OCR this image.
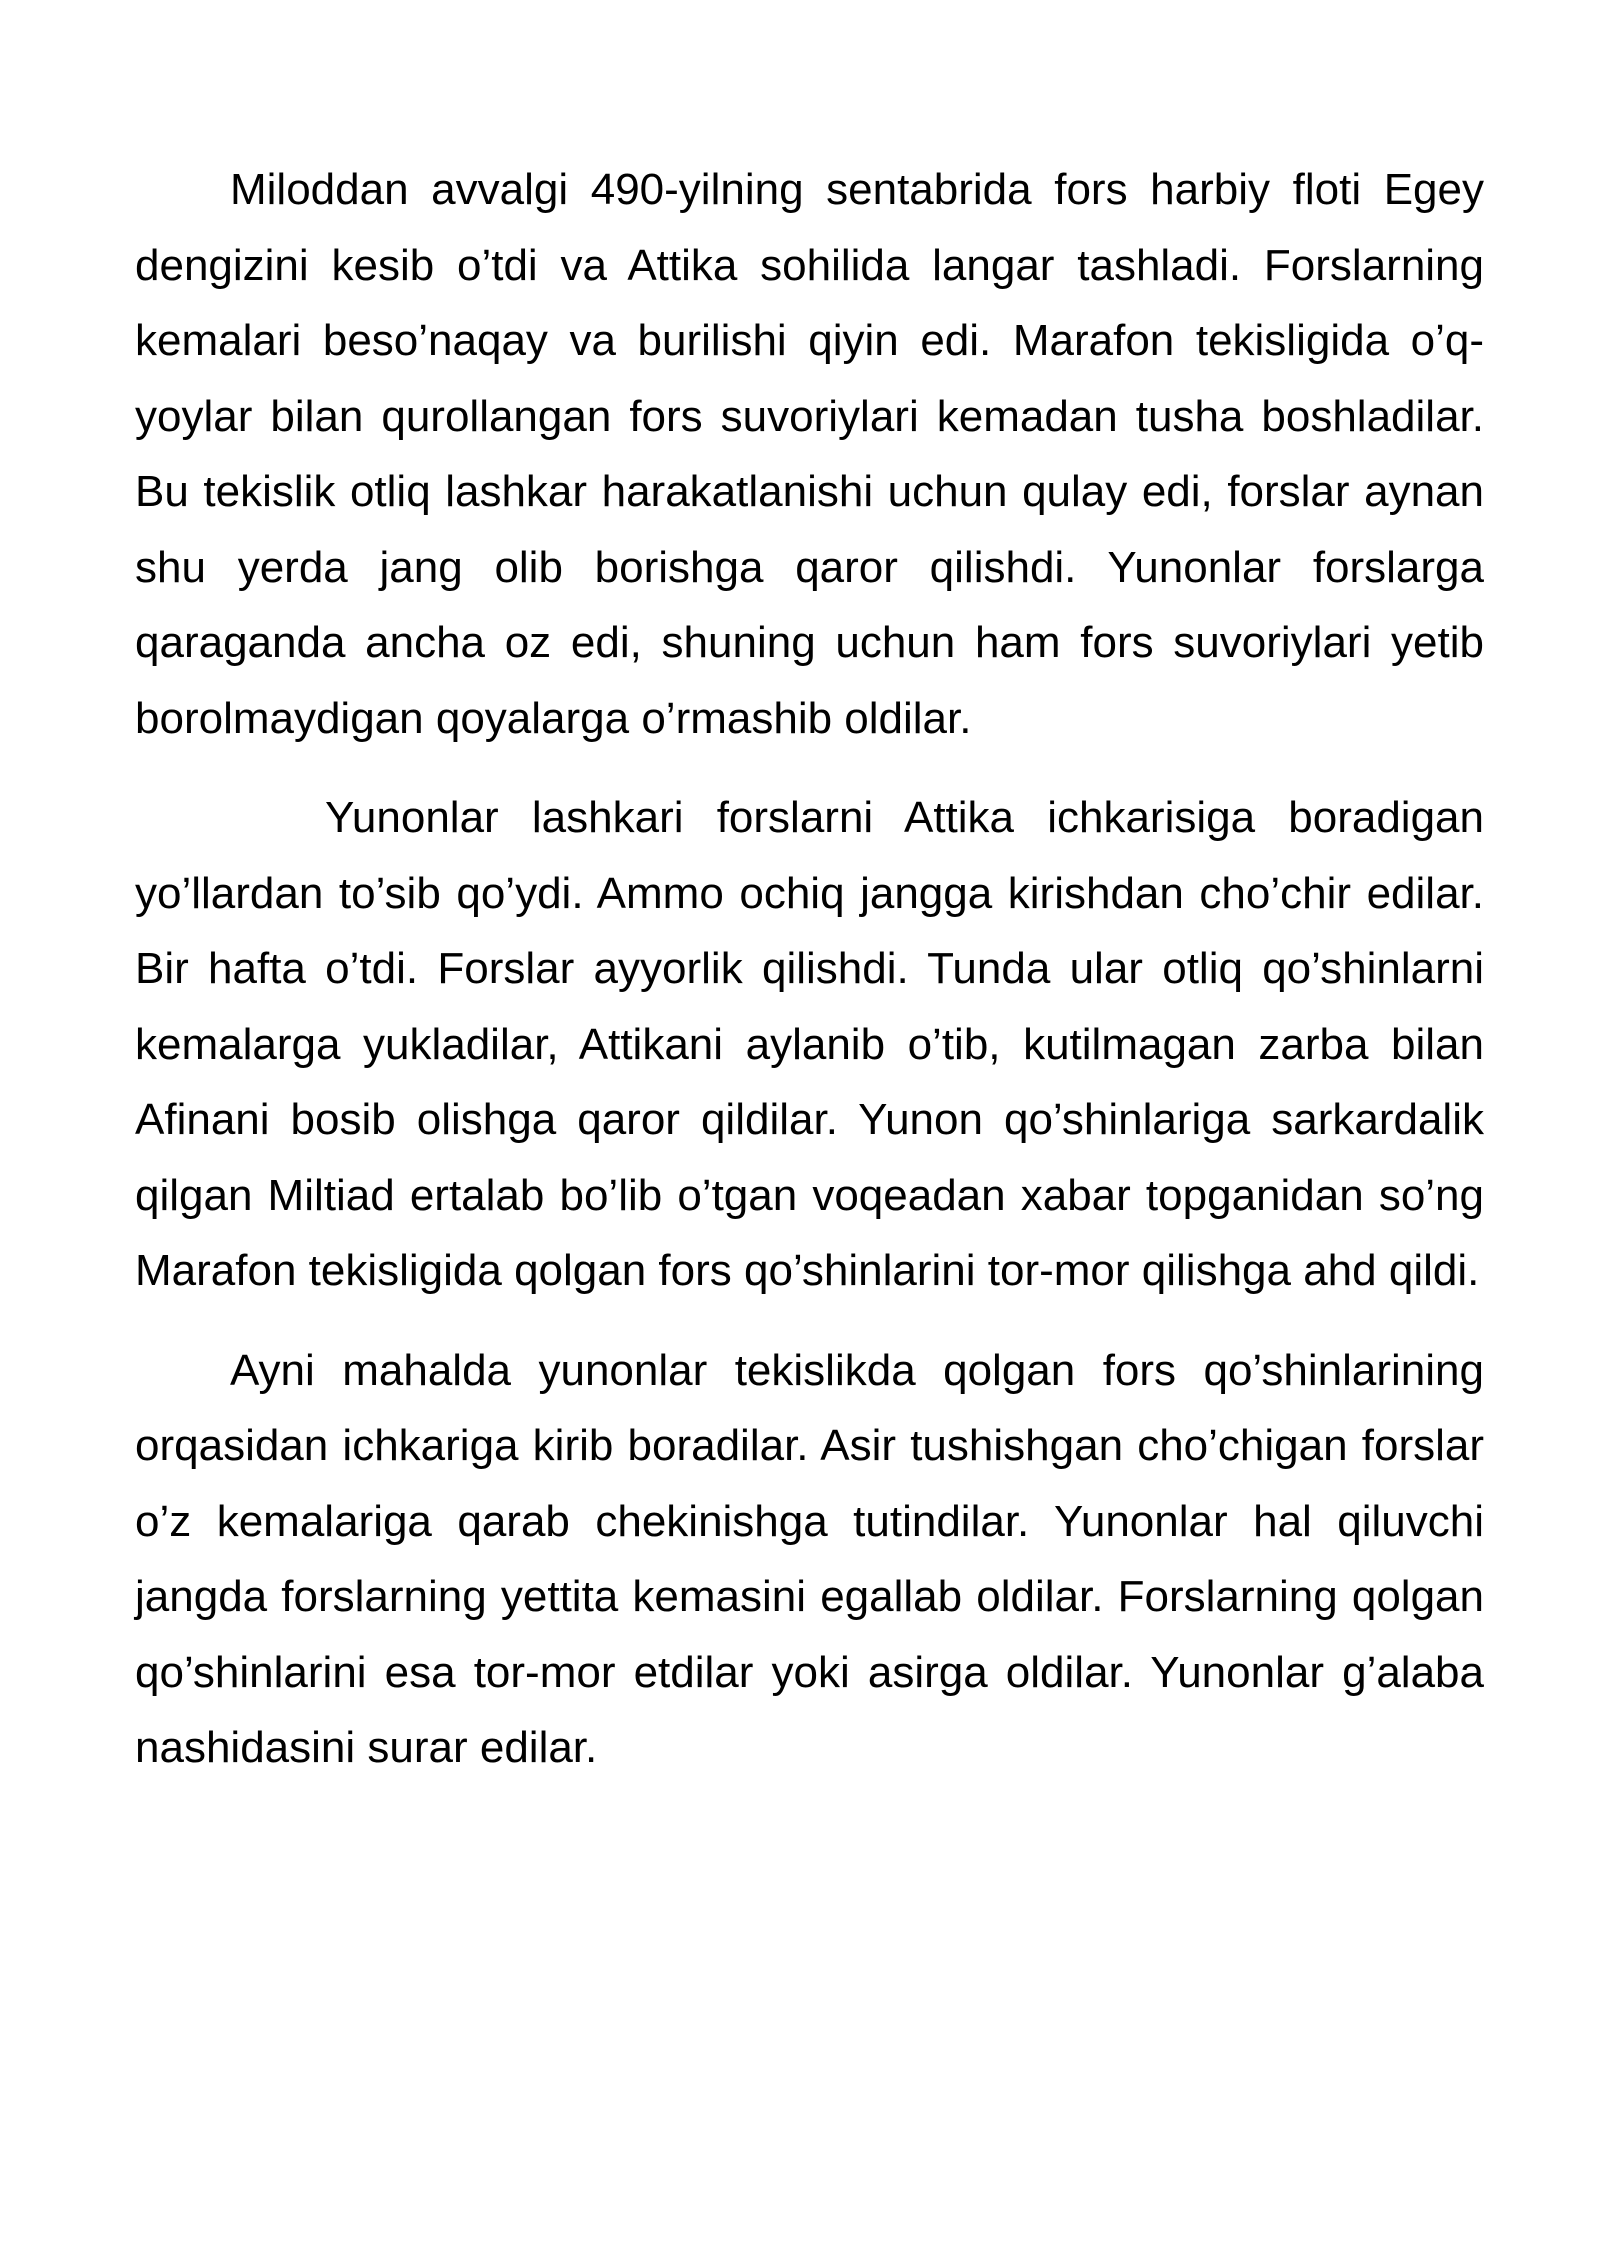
Miloddan avvalgi 490-yilning sentabrida fors harbiy floti Egey dengizini kesib o’tdi va Attika sohilida langar tashladi. Forslarning kemalari beso’naqay va burilishi qiyin edi. Marafon tekisligida o’q-yoylar bilan qurollangan fors suvoriylari kemadan tusha boshladilar. Bu tekislik otliq lashkar harakatlanishi uchun qulay edi, forslar aynan shu yerda jang olib borishga qaror qilishdi. Yunonlar forslarga qaraganda ancha oz edi, shuning uchun ham fors suvoriylari yetib borolmaydigan qoyalarga o’rmashib oldilar.

Yunonlar lashkari forslarni Attika ichkarisiga boradigan yo’llardan to’sib qo’ydi. Ammo ochiq jangga kirishdan cho’chir edilar. Bir hafta o’tdi. Forslar ayyorlik qilishdi. Tunda ular otliq qo’shinlarni kemalarga yukladilar, Attikani aylanib o’tib, kutilmagan zarba bilan Afinani bosib olishga qaror qildilar. Yunon qo’shinlariga sarkardalik qilgan Miltiad ertalab bo’lib o’tgan voqeadan xabar topganidan so’ng Marafon tekisligida qolgan fors qo’shinlarini tor-mor qilishga ahd qildi.

Ayni mahalda yunonlar tekislikda qolgan fors qo’shinlarining orqasidan ichkariga kirib boradilar. Asir tushishgan cho’chigan forslar o’z kemalariga qarab chekinishga tutindilar. Yunonlar hal qiluvchi jangda forslarning yettita kemasini egallab oldilar. Forslarning qolgan qo’shinlarini esa tor-mor etdilar yoki asirga oldilar. Yunonlar g’alaba nashidasini surar edilar.
